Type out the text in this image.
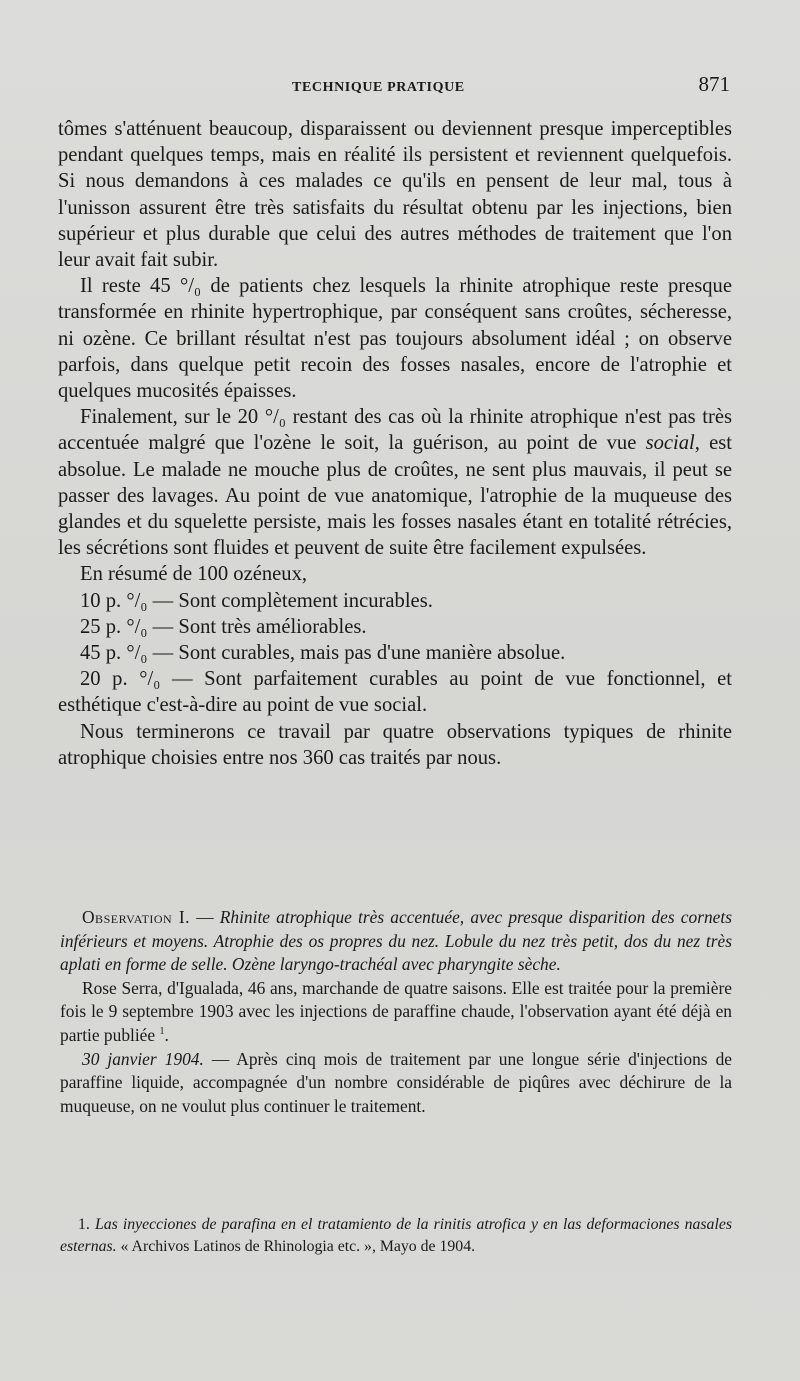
TECHNIQUE PRATIQUE	871

tômes s'atténuent beaucoup, disparaissent ou deviennent presque imperceptibles pendant quelques temps, mais en réalité ils persistent et reviennent quelquefois. Si nous demandons à ces malades ce qu'ils en pensent de leur mal, tous à l'unisson assurent être très satisfaits du résultat obtenu par les injections, bien supérieur et plus durable que celui des autres méthodes de traitement que l'on leur avait fait subir.

Il reste 45 °/₀ de patients chez lesquels la rhinite atrophique reste presque transformée en rhinite hypertrophique, par conséquent sans croûtes, sécheresse, ni ozène. Ce brillant résultat n'est pas toujours absolument idéal ; on observe parfois, dans quelque petit recoin des fosses nasales, encore de l'atrophie et quelques mucosités épaisses.

Finalement, sur le 20 °/₀ restant des cas où la rhinite atrophique n'est pas très accentuée malgré que l'ozène le soit, la guérison, au point de vue social, est absolue. Le malade ne mouche plus de croûtes, ne sent plus mauvais, il peut se passer des lavages. Au point de vue anatomique, l'atrophie de la muqueuse des glandes et du squelette persiste, mais les fosses nasales étant en totalité rétrécies, les sécrétions sont fluides et peuvent de suite être facilement expulsées.

En résumé de 100 ozéneux,

10 p. °/₀ — Sont complètement incurables.

25 p. °/₀ — Sont très améliorables.

45 p. °/₀ — Sont curables, mais pas d'une manière absolue.

20 p. °/₀ — Sont parfaitement curables au point de vue fonctionnel, et esthétique c'est-à-dire au point de vue social.

Nous terminerons ce travail par quatre observations typiques de rhinite atrophique choisies entre nos 360 cas traités par nous.

Observation I. — Rhinite atrophique très accentuée, avec presque disparition des cornets inférieurs et moyens. Atrophie des os propres du nez. Lobule du nez très petit, dos du nez très aplati en forme de selle. Ozène laryngo-trachéal avec pharyngite sèche.

Rose Serra, d'Igualada, 46 ans, marchande de quatre saisons. Elle est traitée pour la première fois le 9 septembre 1903 avec les injections de paraffine chaude, l'observation ayant été déjà en partie publiée $^1$.

30 janvier 1904. — Après cinq mois de traitement par une longue série d'injections de paraffine liquide, accompagnée d'un nombre considérable de piqûres avec déchirure de la muqueuse, on ne voulut plus continuer le traitement.

1. Las inyecciones de parafina en el tratamiento de la rinitis atrofica y en las deformaciones nasales esternas. « Archivos Latinos de Rhinologia etc. », Mayo de 1904.
